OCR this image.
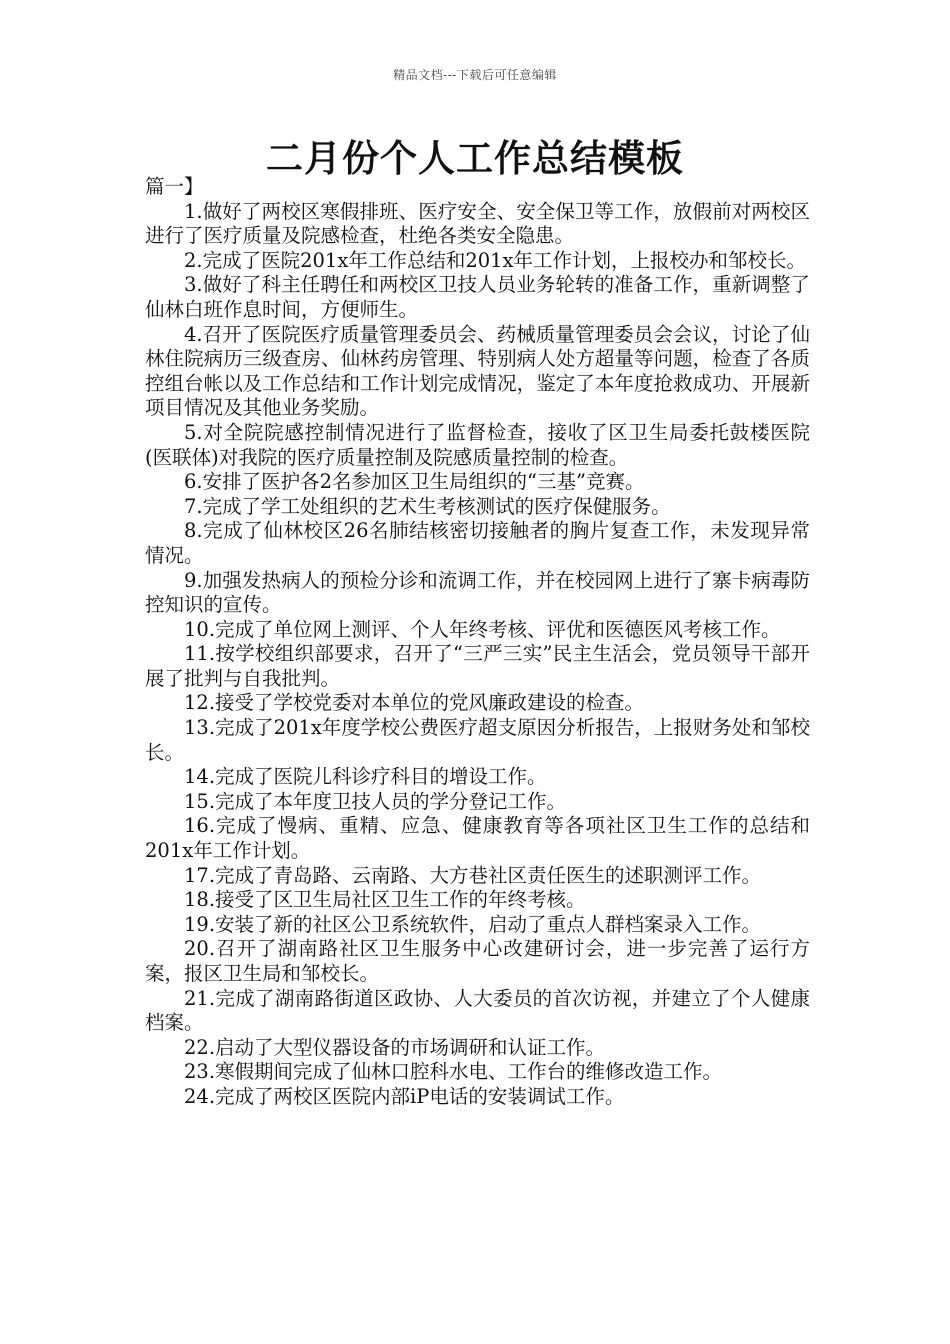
精品文档---下载后可任意编辑
二月份个人工作总结模板

篇一】

1.做好了两校区寒假排班、医疗安全、安全保卫等工作，放假前对两校区进行了医疗质量及院感检查，杜绝各类安全隐患。

2.完成了医院201x年工作总结和201x年工作计划，上报校办和邹校长。

3.做好了科主任聘任和两校区卫技人员业务轮转的准备工作，重新调整了仙林白班作息时间，方便师生。

4.召开了医院医疗质量管理委员会、药械质量管理委员会会议，讨论了仙林住院病历三级查房、仙林药房管理、特别病人处方超量等问题，检查了各质控组台帐以及工作总结和工作计划完成情况，鉴定了本年度抢救成功、开展新项目情况及其他业务奖励。

5.对全院院感控制情况进行了监督检查，接收了区卫生局委托鼓楼医院(医联体)对我院的医疗质量控制及院感质量控制的检查。

6.安排了医护各2名参加区卫生局组织的“三基”竞赛。

7.完成了学工处组织的艺术生考核测试的医疗保健服务。

8.完成了仙林校区26名肺结核密切接触者的胸片复查工作，未发现异常情况。

9.加强发热病人的预检分诊和流调工作，并在校园网上进行了寨卡病毒防控知识的宣传。

10.完成了单位网上测评、个人年终考核、评优和医德医风考核工作。

11.按学校组织部要求，召开了“三严三实”民主生活会，党员领导干部开展了批判与自我批判。

12.接受了学校党委对本单位的党风廉政建设的检查。

13.完成了201x年度学校公费医疗超支原因分析报告，上报财务处和邹校长。

14.完成了医院儿科诊疗科目的增设工作。

15.完成了本年度卫技人员的学分登记工作。

16.完成了慢病、重精、应急、健康教育等各项社区卫生工作的总结和201x年工作计划。

17.完成了青岛路、云南路、大方巷社区责任医生的述职测评工作。

18.接受了区卫生局社区卫生工作的年终考核。

19.安装了新的社区公卫系统软件，启动了重点人群档案录入工作。

20.召开了湖南路社区卫生服务中心改建研讨会，进一步完善了运行方案，报区卫生局和邹校长。

21.完成了湖南路街道区政协、人大委员的首次访视，并建立了个人健康档案。

22.启动了大型仪器设备的市场调研和认证工作。

23.寒假期间完成了仙林口腔科水电、工作台的维修改造工作。

24.完成了两校区医院内部iP电话的安装调试工作。
